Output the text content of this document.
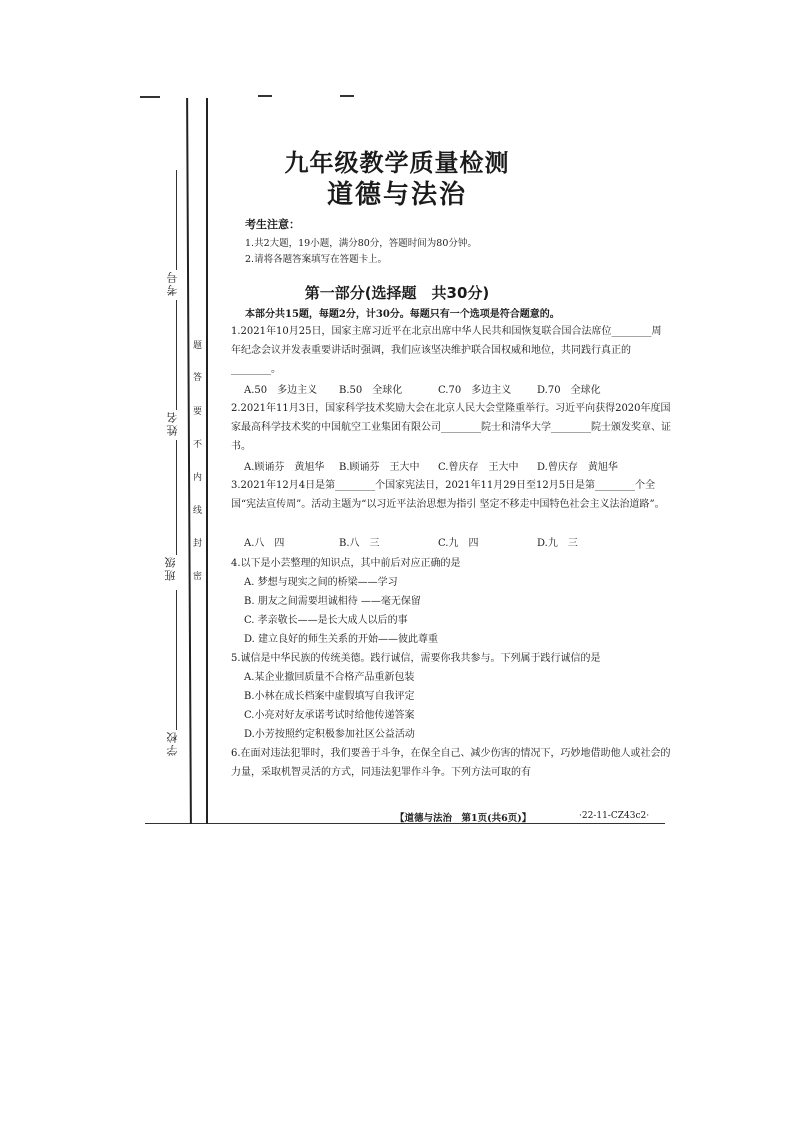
考号
姓名
班级
学校
题
答
要
不
内
线
封
密
九年级教学质量检测
道德与法治
考生注意：
1.共2大题，19小题，满分80分，答题时间为80分钟。
2.请将各题答案填写在答题卡上。
第一部分(选择题　共30分)
本部分共15题，每题2分，计30分。每题只有一个选项是符合题意的。
1.2021年10月25日，国家主席习近平在北京出席中华人民共和国恢复联合国合法席位________周年纪念会议并发表重要讲话时强调，我们应该坚决维护联合国权威和地位，共同践行真正的________。
A.50　多边主义 B.50　全球化	C.70　多边主义	D.70　全球化
2.2021年11月3日，国家科学技术奖励大会在北京人民大会堂隆重举行。习近平向获得2020年度国家最高科学技术奖的中国航空工业集团有限公司________院士和清华大学________院士颁发奖章、证书。
A.顾诵芬　黄旭华 B.顾诵芬　王大中 C.曾庆存　王大中 D.曾庆存　黄旭华
3.2021年12月4日是第________个国家宪法日，2021年11月29日至12月5日是第________个全国“宪法宣传周”。活动主题为“以习近平法治思想为指引 坚定不移走中国特色社会主义法治道路”。
A.八　四	B.八　三	C.九　四	D.九　三
4.以下是小芸整理的知识点，其中前后对应正确的是
A. 梦想与现实之间的桥梁——学习
B. 朋友之间需要坦诚相待 ——毫无保留
C. 孝亲敬长——是长大成人以后的事
D. 建立良好的师生关系的开始——彼此尊重
5.诚信是中华民族的传统美德。践行诚信，需要你我共参与。下列属于践行诚信的是
A.某企业撤回质量不合格产品重新包装
B.小林在成长档案中虚假填写自我评定
C.小亮对好友承诺考试时给他传递答案
D.小芳按照约定积极参加社区公益活动
6.在面对违法犯罪时，我们要善于斗争，在保全自己、减少伤害的情况下，巧妙地借助他人或社会的力量，采取机智灵活的方式，同违法犯罪作斗争。下列方法可取的有
【道德与法治　第1页(共6页)】	·22-11-CZ43c2·
